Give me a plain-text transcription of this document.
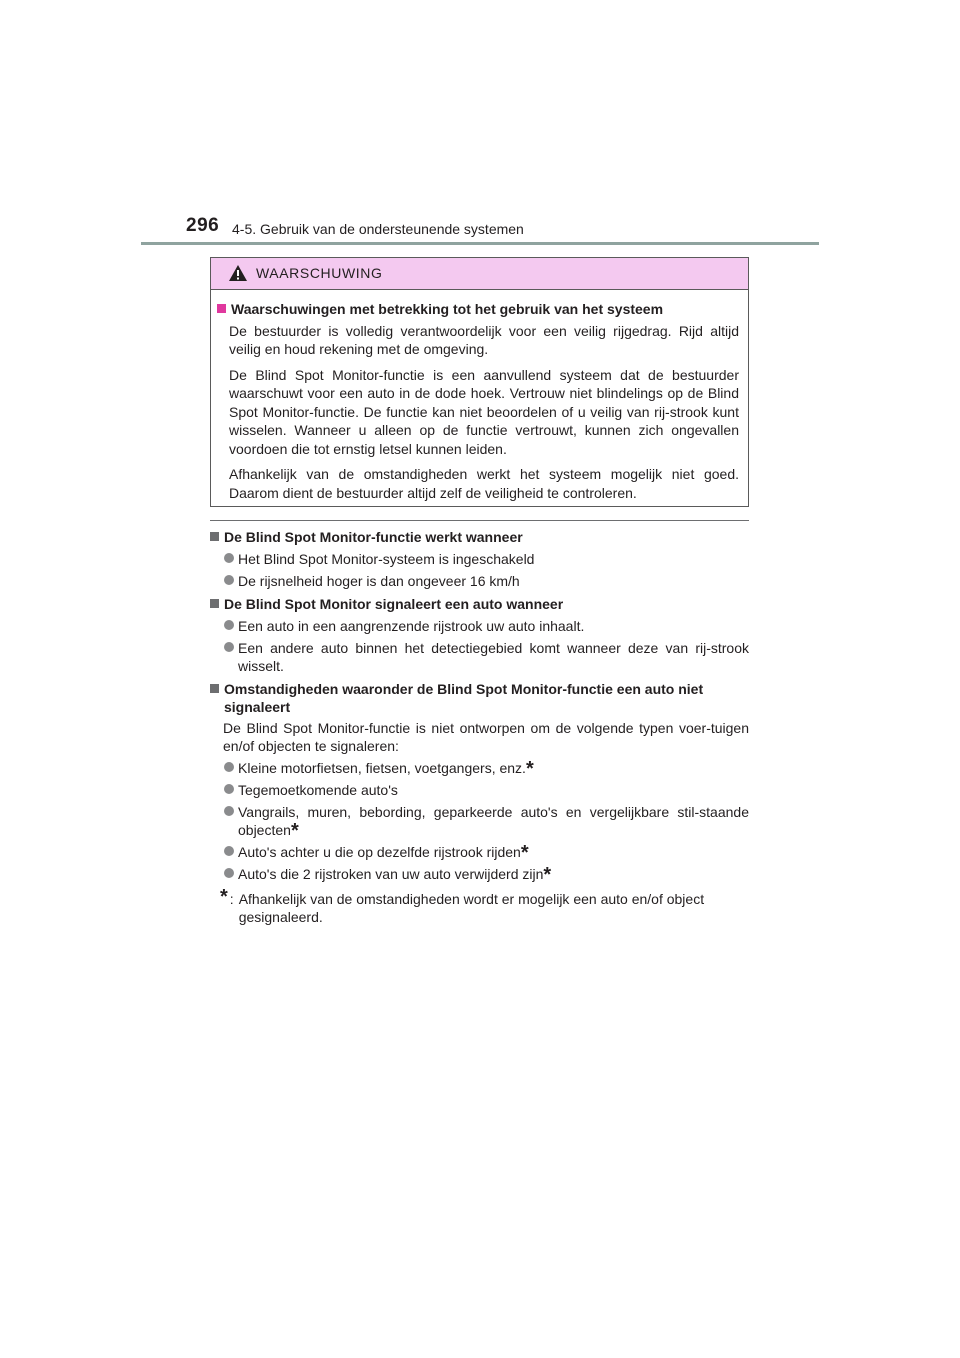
296 4-5. Gebruik van de ondersteunende systemen
WAARSCHUWING
Waarschuwingen met betrekking tot het gebruik van het systeem

De bestuurder is volledig verantwoordelijk voor een veilig rijgedrag. Rijd altijd veilig en houd rekening met de omgeving.

De Blind Spot Monitor-functie is een aanvullend systeem dat de bestuurder waarschuwt voor een auto in de dode hoek. Vertrouw niet blindelings op de Blind Spot Monitor-functie. De functie kan niet beoordelen of u veilig van rij-strook kunt wisselen. Wanneer u alleen op de functie vertrouwt, kunnen zich ongevallen voordoen die tot ernstig letsel kunnen leiden.

Afhankelijk van de omstandigheden werkt het systeem mogelijk niet goed. Daarom dient de bestuurder altijd zelf de veiligheid te controleren.

De Blind Spot Monitor-functie werkt wanneer
Het Blind Spot Monitor-systeem is ingeschakeld
De rijsnelheid hoger is dan ongeveer 16 km/h
De Blind Spot Monitor signaleert een auto wanneer
Een auto in een aangrenzende rijstrook uw auto inhaalt.
Een andere auto binnen het detectiegebied komt wanneer deze van rij-strook wisselt.
Omstandigheden waaronder de Blind Spot Monitor-functie een auto niet signaleert

De Blind Spot Monitor-functie is niet ontworpen om de volgende typen voer-tuigen en/of objecten te signaleren:

Kleine motorfietsen, fietsen, voetgangers, enz.*
Tegemoetkomende auto's
Vangrails, muren, bebording, geparkeerde auto's en vergelijkbare stil-staande objecten*
Auto's achter u die op dezelfde rijstrook rijden*
Auto's die 2 rijstroken van uw auto verwijderd zijn*
* : Afhankelijk van de omstandigheden wordt er mogelijk een auto en/of object gesignaleerd.
